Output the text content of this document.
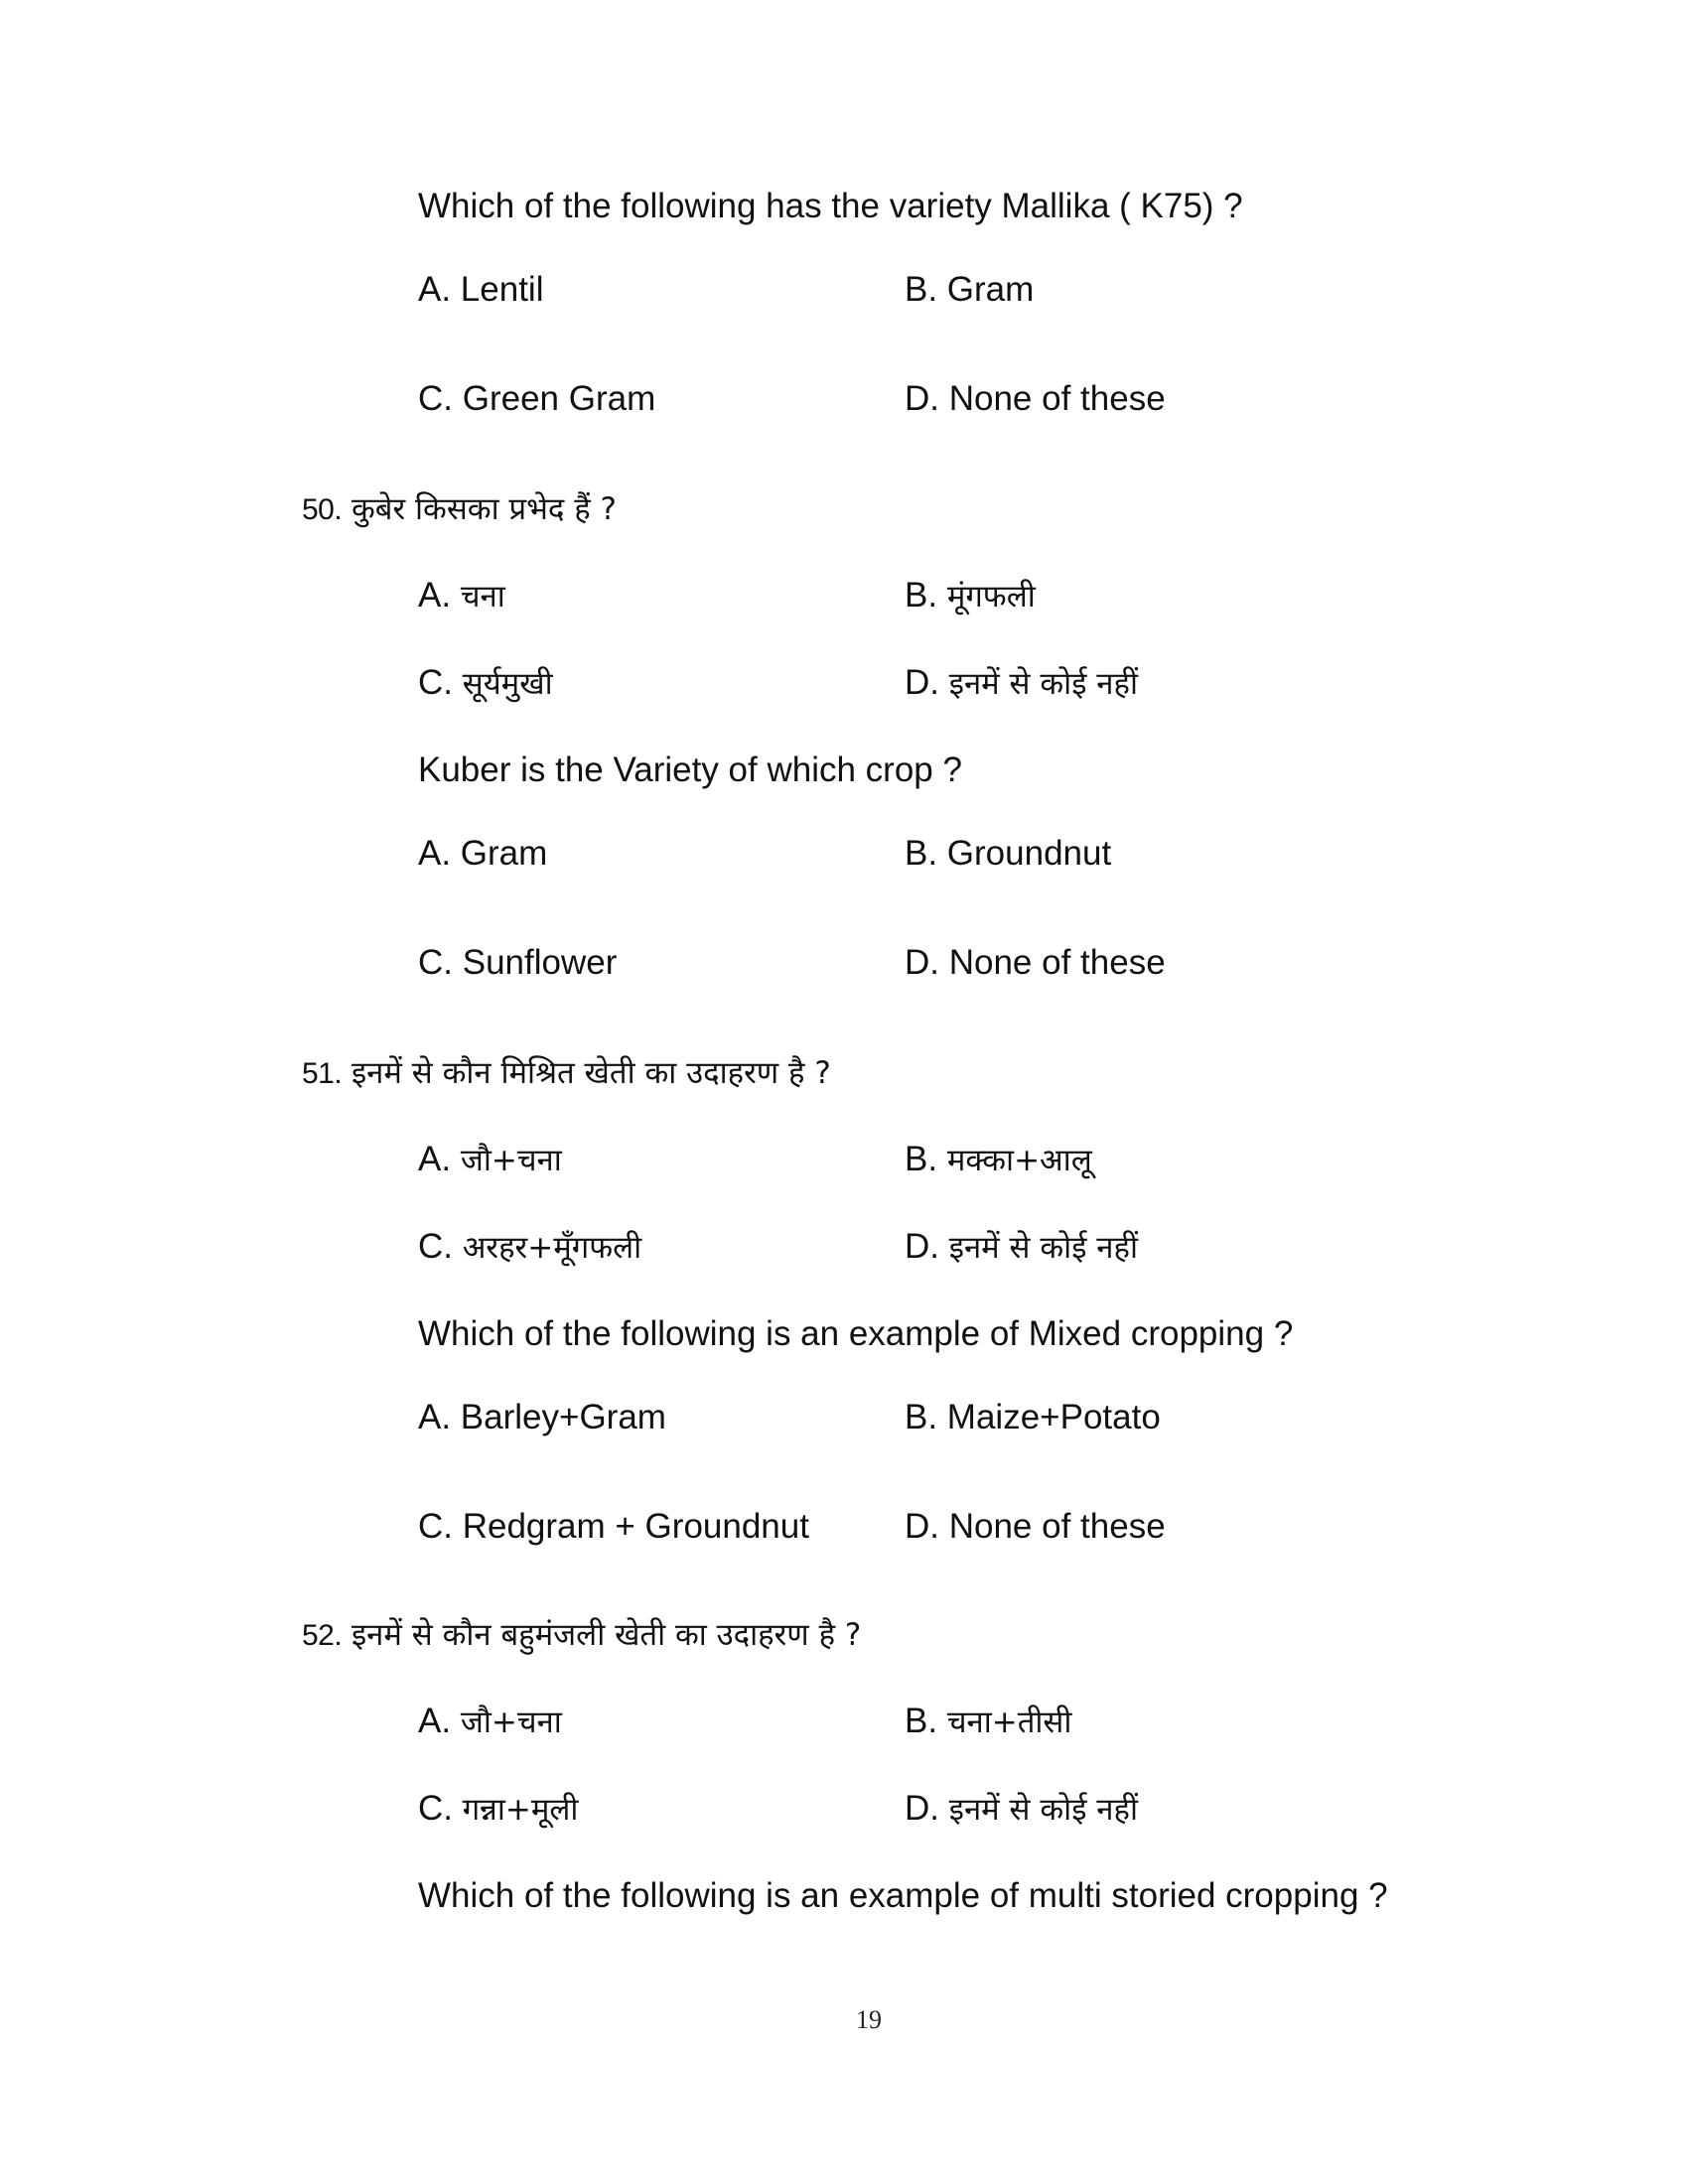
Which of the following has the variety Mallika ( K75) ?
A. Lentil	B. Gram
C. Green Gram	D. None of these
50. कुबेर किसका प्रभेद हैं ?
A. चना	B. मूंगफली
C. सूर्यमुखी	D. इनमें से कोई नहीं
Kuber is the Variety of which crop ?
A. Gram	B. Groundnut
C. Sunflower	D. None of these
51. इनमें से कौन मिश्रित खेती का उदाहरण है ?
A. जौ+चना	B. मक्का+आलू
C. अरहर+मूँगफली	D. इनमें से कोई नहीं
Which of the following is an example of Mixed cropping ?
A. Barley+Gram	B. Maize+Potato
C. Redgram + Groundnut	D. None of these
52. इनमें से कौन बहुमंजली खेती का उदाहरण है ?
A. जौ+चना	B. चना+तीसी
C. गन्ना+मूली	D. इनमें से कोई नहीं
Which of the following is an example of multi storied cropping ?
19
